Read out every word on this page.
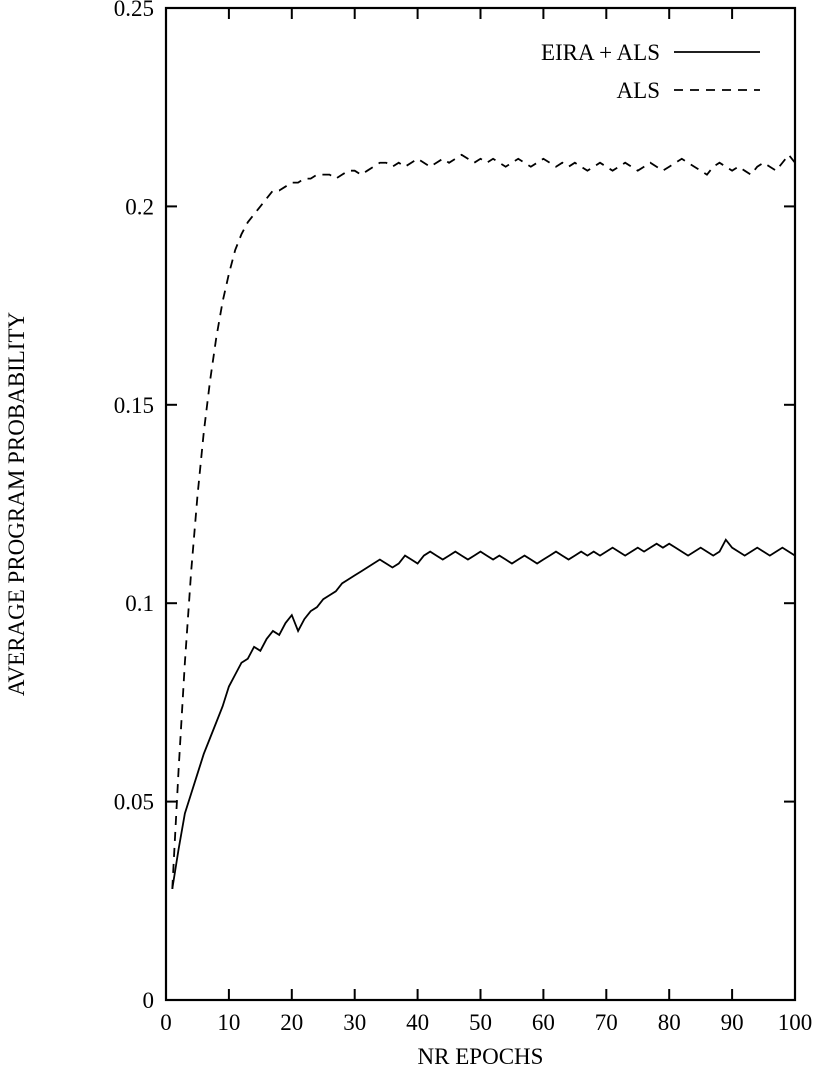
0
0.05
0.1
0.15
0.2
0.25
0 10 20 30 40 50 60 70 80 90 100
EIRA + ALS
ALS
NR EPOCHS
AVERAGE PROGRAM PROBABILITY
